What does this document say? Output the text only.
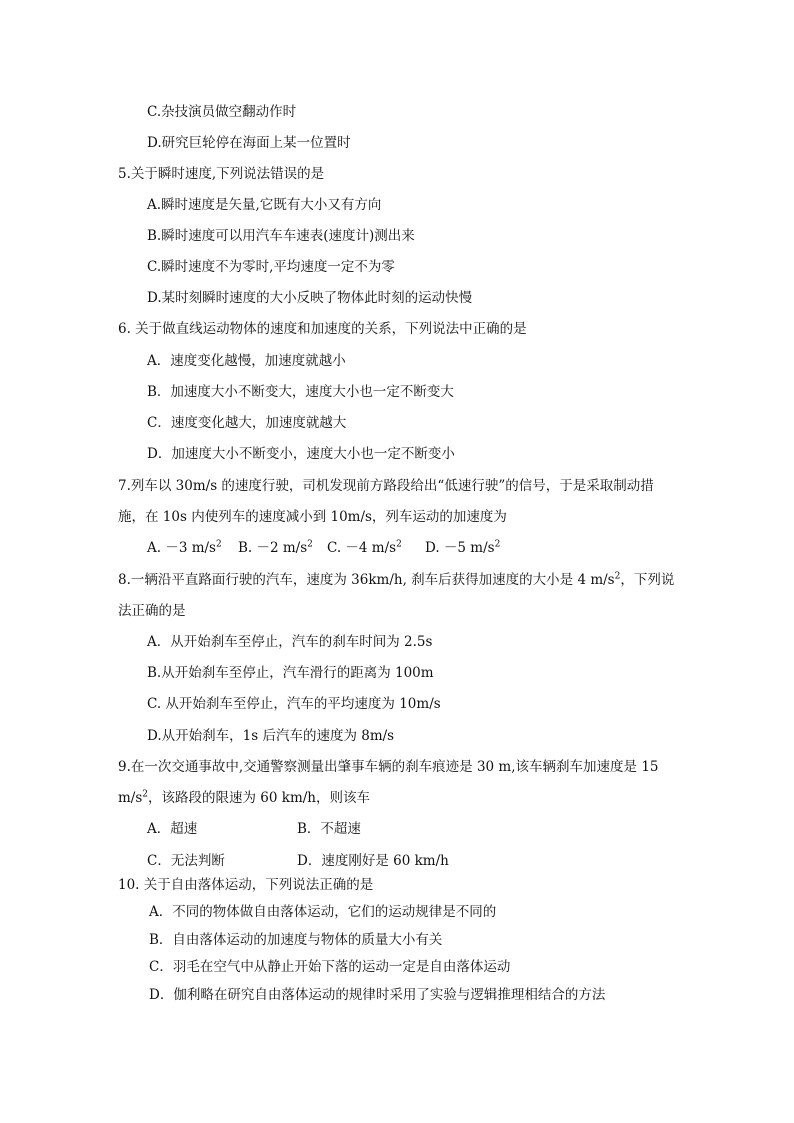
C.杂技演员做空翻动作时
D.研究巨轮停在海面上某一位置时
5.关于瞬时速度,下列说法错误的是
A.瞬时速度是矢量,它既有大小又有方向
B.瞬时速度可以用汽车车速表(速度计)测出来
C.瞬时速度不为零时,平均速度一定不为零
D.某时刻瞬时速度的大小反映了物体此时刻的运动快慢
6. 关于做直线运动物体的速度和加速度的关系，下列说法中正确的是
A．速度变化越慢，加速度就越小
B．加速度大小不断变大，速度大小也一定不断变大
C．速度变化越大，加速度就越大
D．加速度大小不断变小，速度大小也一定不断变小
7.列车以 30m/s 的速度行驶，司机发现前方路段给出“低速行驶”的信号，于是采取制动措
施，在 10s 内使列车的速度减小到 10m/s，列车运动的加速度为
A. －3 $m/s^2$ B. －2 $m/s^2$ C. －4 $m/s^2$ D. －5 $m/s^2$
8.一辆沿平直路面行驶的汽车，速度为 36km/h, 刹车后获得加速度的大小是 4 $m/s^2$，下列说
法正确的是
A．从开始刹车至停止，汽车的刹车时间为 2.5s
B.从开始刹车至停止，汽车滑行的距离为 100m
C. 从开始刹车至停止，汽车的平均速度为 10m/s
D.从开始刹车，1s 后汽车的速度为 8m/s
9.在一次交通事故中,交通警察测量出肇事车辆的刹车痕迹是 30 m,该车辆刹车加速度是 15
$m/s^2$，该路段的限速为 60 km/h，则该车
A．超速	B．不超速
C．无法判断	D．速度刚好是 60 km/h
10. 关于自由落体运动，下列说法正确的是
A．不同的物体做自由落体运动，它们的运动规律是不同的
B．自由落体运动的加速度与物体的质量大小有关
C．羽毛在空气中从静止开始下落的运动一定是自由落体运动
D．伽利略在研究自由落体运动的规律时采用了实验与逻辑推理相结合的方法
